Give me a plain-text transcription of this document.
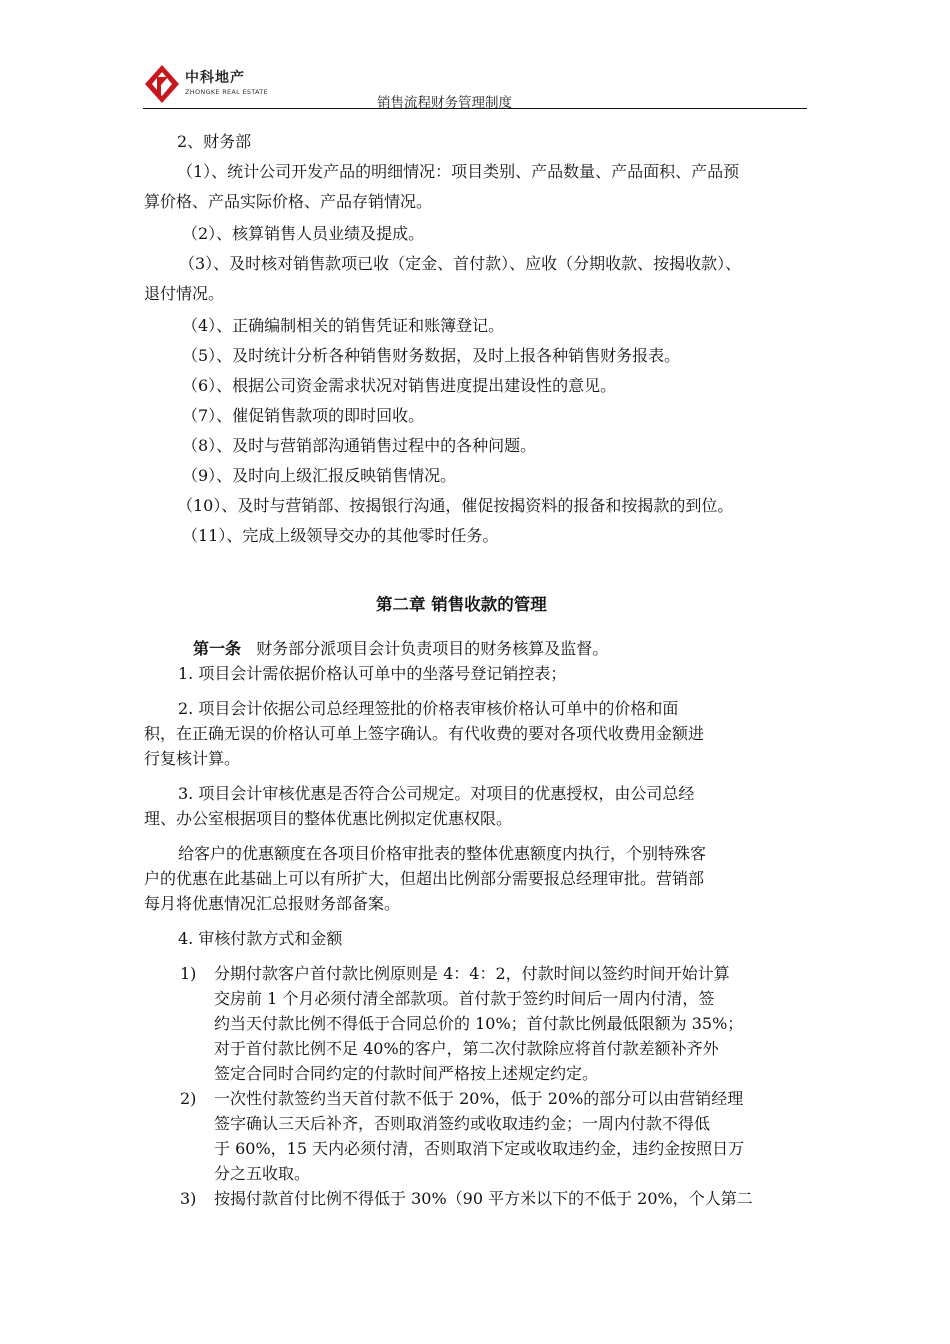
中科地产
ZHONGKE REAL ESTATE
销售流程财务管理制度
2、财务部
（1）、统计公司开发产品的明细情况：项目类别、产品数量、产品面积、产品预
算价格、产品实际价格、产品存销情况。
（2）、核算销售人员业绩及提成。
（3）、及时核对销售款项已收（定金、首付款）、应收（分期收款、按揭收款）、
退付情况。
（4）、正确编制相关的销售凭证和账簿登记。
（5）、及时统计分析各种销售财务数据，及时上报各种销售财务报表。
（6）、根据公司资金需求状况对销售进度提出建设性的意见。
（7）、催促销售款项的即时回收。
（8）、及时与营销部沟通销售过程中的各种问题。
（9）、及时向上级汇报反映销售情况。
（10）、及时与营销部、按揭银行沟通，催促按揭资料的报备和按揭款的到位。
（11）、完成上级领导交办的其他零时任务。
第二章 销售收款的管理
第一条 财务部分派项目会计负责项目的财务核算及监督。
1. 项目会计需依据价格认可单中的坐落号登记销控表；
2. 项目会计依据公司总经理签批的价格表审核价格认可单中的价格和面
积，在正确无误的价格认可单上签字确认。有代收费的要对各项代收费用金额进
行复核计算。
3. 项目会计审核优惠是否符合公司规定。对项目的优惠授权，由公司总经
理、办公室根据项目的整体优惠比例拟定优惠权限。
给客户的优惠额度在各项目价格审批表的整体优惠额度内执行，个别特殊客
户的优惠在此基础上可以有所扩大，但超出比例部分需要报总经理审批。营销部
每月将优惠情况汇总报财务部备案。
4. 审核付款方式和金额
1) 分期付款客户首付款比例原则是 4：4：2，付款时间以签约时间开始计算
交房前 1 个月必须付清全部款项。首付款于签约时间后一周内付清，签
约当天付款比例不得低于合同总价的 10%；首付款比例最低限额为 35%；
对于首付款比例不足 40%的客户，第二次付款除应将首付款差额补齐外
签定合同时合同约定的付款时间严格按上述规定约定。
2) 一次性付款签约当天首付款不低于 20%，低于 20%的部分可以由营销经理
签字确认三天后补齐，否则取消签约或收取违约金；一周内付款不得低
于 60%，15 天内必须付清，否则取消下定或收取违约金，违约金按照日万
分之五收取。
3) 按揭付款首付比例不得低于 30%（90 平方米以下的不低于 20%，个人第二
